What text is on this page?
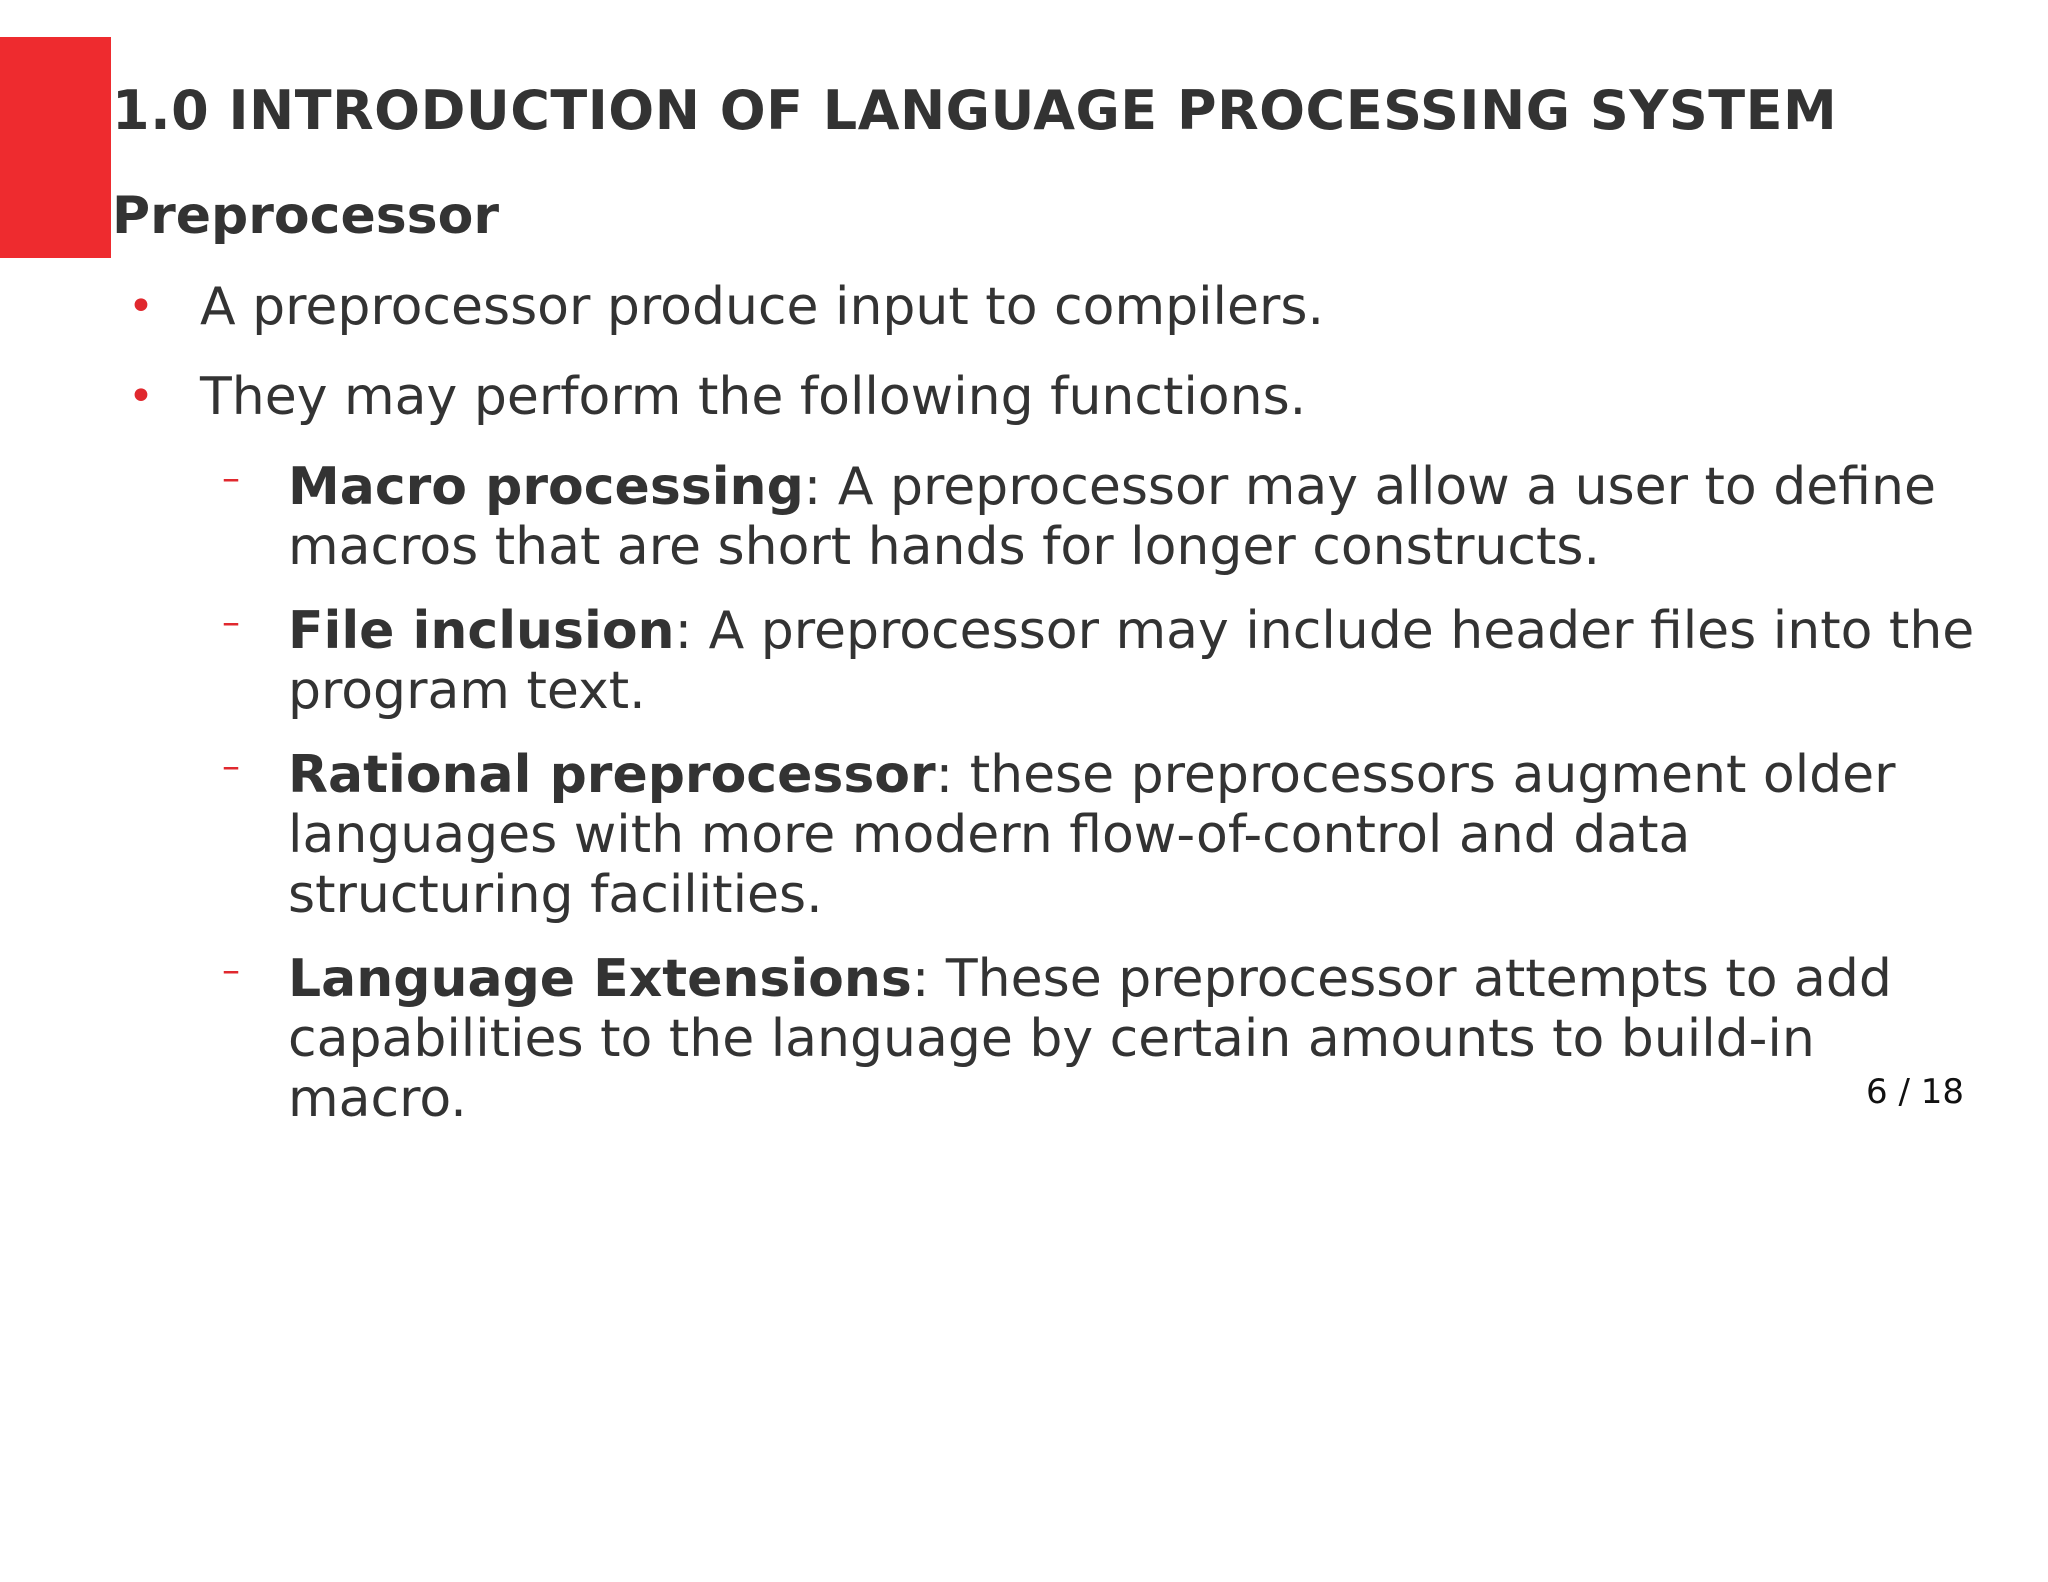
1.0 INTRODUCTION OF LANGUAGE PROCESSING SYSTEM
Preprocessor
• A preprocessor produce input to compilers.
• They may perform the following functions.
– Macro processing: A preprocessor may allow a user to define
macros that are short hands for longer constructs.
– File inclusion: A preprocessor may include header files into the
program text.
– Rational preprocessor: these preprocessors augment older
languages with more modern flow-of-control and data
structuring facilities.
– Language Extensions: These preprocessor attempts to add
capabilities to the language by certain amounts to build-in
macro.	6 / 18
